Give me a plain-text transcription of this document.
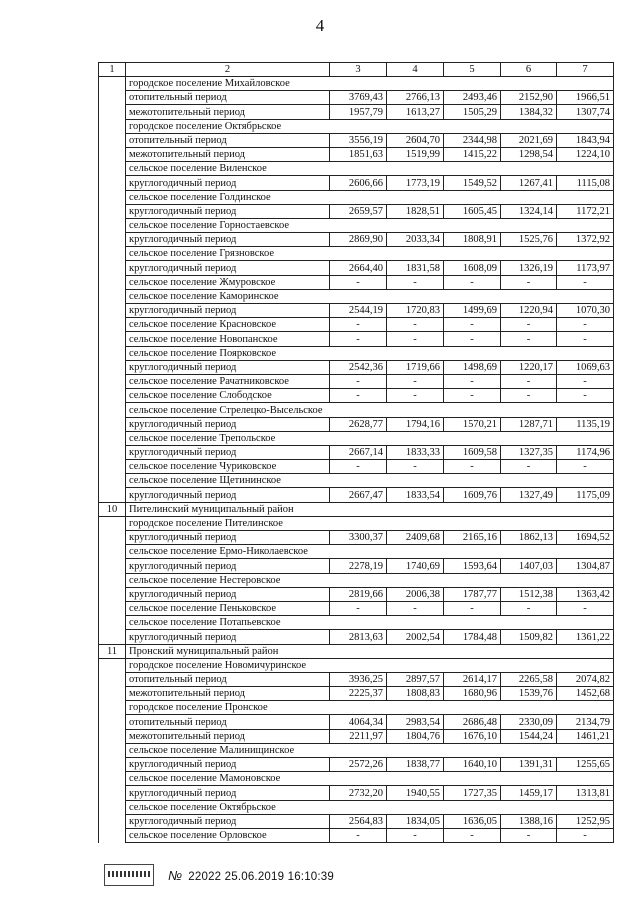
4
1	2	3	4	5	6	7
	городское поселение Михайловское					
	отопительный период	3769,43	2766,13	2493,46	2152,90	1966,51
	межотопительный период	1957,79	1613,27	1505,29	1384,32	1307,74
	городское поселение Октябрьское					
	отопительный период	3556,19	2604,70	2344,98	2021,69	1843,94
	межотопительный период	1851,63	1519,99	1415,22	1298,54	1224,10
	сельское поселение Виленское					
	круглогодичный период	2606,66	1773,19	1549,52	1267,41	1115,08
	сельское поселение Голдинское					
	круглогодичный период	2659,57	1828,51	1605,45	1324,14	1172,21
	сельское поселение Горностаевское					
	круглогодичный период	2869,90	2033,34	1808,91	1525,76	1372,92
	сельское поселение Грязновское					
	круглогодичный период	2664,40	1831,58	1608,09	1326,19	1173,97
	сельское поселение Жмуровское	-	-	-	-	-
	сельское поселение Каморинское					
	круглогодичный период	2544,19	1720,83	1499,69	1220,94	1070,30
	сельское поселение Красновское	-	-	-	-	-
	сельское поселение Новопанское	-	-	-	-	-
	сельское поселение Поярковское					
	круглогодичный период	2542,36	1719,66	1498,69	1220,17	1069,63
	сельское поселение Рачатниковское	-	-	-	-	-
	сельское поселение Слободское	-	-	-	-	-
	сельское поселение Стрелецко-Высельское					
	круглогодичный период	2628,77	1794,16	1570,21	1287,71	1135,19
	сельское поселение Трепольское					
	круглогодичный период	2667,14	1833,33	1609,58	1327,35	1174,96
	сельское поселение Чуриковское	-	-	-	-	-
	сельское поселение Щетининское					
	круглогодичный период	2667,47	1833,54	1609,76	1327,49	1175,09
10	Пителинский муниципальный район					
	городское поселение Пителинское					
	круглогодичный период	3300,37	2409,68	2165,16	1862,13	1694,52
	сельское поселение Ермо-Николаевское					
	круглогодичный период	2278,19	1740,69	1593,64	1407,03	1304,87
	сельское поселение Нестеровское					
	круглогодичный период	2819,66	2006,38	1787,77	1512,38	1363,42
	сельское поселение Пеньковское	-	-	-	-	-
	сельское поселение Потапьевское					
	круглогодичный период	2813,63	2002,54	1784,48	1509,82	1361,22
11	Пронский муниципальный район					
	городское поселение Новомичуринское					
	отопительный период	3936,25	2897,57	2614,17	2265,58	2074,82
	межотопительный период	2225,37	1808,83	1680,96	1539,76	1452,68
	городское поселение Пронское					
	отопительный период	4064,34	2983,54	2686,48	2330,09	2134,79
	межотопительный период	2211,97	1804,76	1676,10	1544,24	1461,21
	сельское поселение Малинищинское					
	круглогодичный период	2572,26	1838,77	1640,10	1391,31	1255,65
	сельское поселение Мамоновское					
	круглогодичный период	2732,20	1940,55	1727,35	1459,17	1313,81
	сельское поселение Октябрьское					
	круглогодичный период	2564,83	1834,05	1636,05	1388,16	1252,95
	сельское поселение Орловское	-	-	-	-	-
№ 22022 25.06.2019 16:10:39
